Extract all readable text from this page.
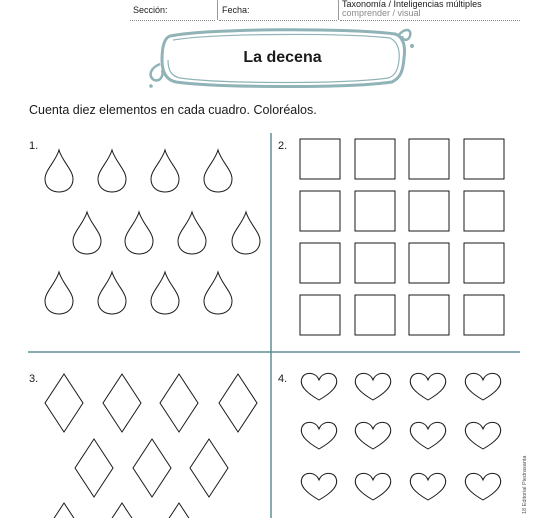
Sección:	Fecha:
Taxonomía / Inteligencias múltiples
comprender / visual
La decena
Cuenta diez elementos en cada cuadro. Coloréalos.
18 Editorial Piedrasanta
1.	2.
3.	4.
